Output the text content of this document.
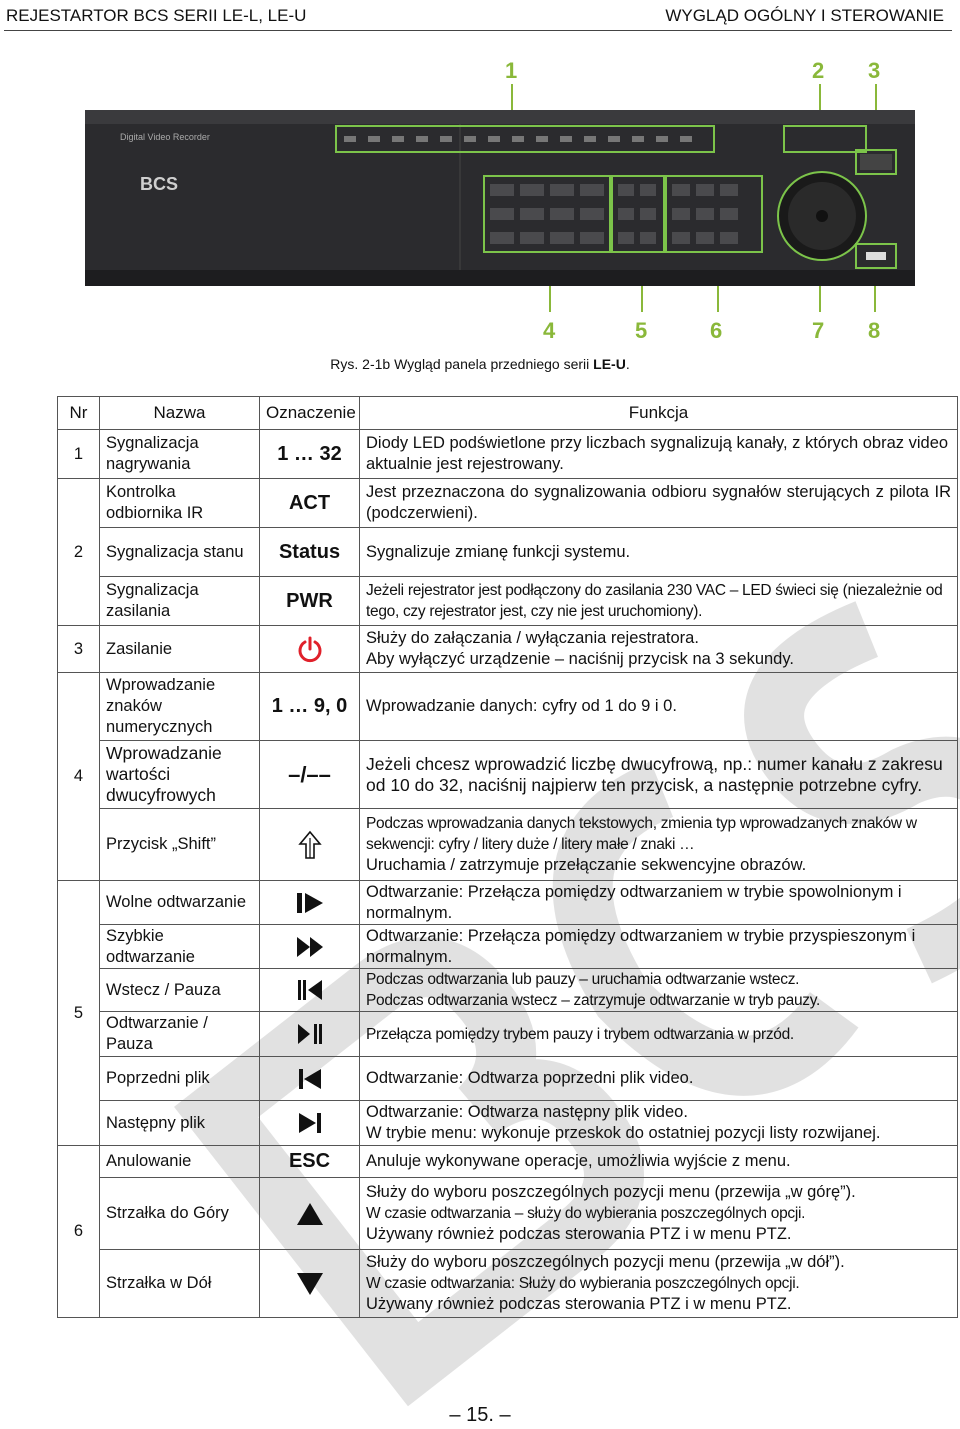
REJESTARTOR BCS SERII LE-L, LE-U	WYGLĄD OGÓLNY I STEROWANIE
1	2 3
4	5	6	7 8
Digital Video Recorder
BCS
Rys. 2-1b Wygląd panela przedniego serii LE-U.
Nr	Nazwa	Oznaczenie	Funkcja
1	Sygnalizacja nagrywania	1 … 32	Diody LED podświetlone przy liczbach sygnalizują kanały, z których obraz video aktualnie jest rejestrowany.
2	Kontrolka odbiornika IR	ACT	Jest przeznaczona do sygnalizowania odbioru sygnałów sterujących z pilota IR (podczerwieni).
	Sygnalizacja stanu	Status	Sygnalizuje zmianę funkcji systemu.
	Sygnalizacja zasilania	PWR	Jeżeli rejestrator jest podłączony do zasilania 230 VAC – LED świeci się (niezależnie od tego, czy rejestrator jest, czy nie jest uruchomiony).
3	Zasilanie		Służy do załączania / wyłączania rejestratora.
Aby wyłączyć urządzenie – naciśnij przycisk na 3 sekundy.

4	Wprowadzanie znaków numerycznych	1 … 9, 0	Wprowadzanie danych: cyfry od 1 do 9 i 0.
	Wprowadzanie wartości dwucyfrowych	–/––	Jeżeli chcesz wprowadzić liczbę dwucyfrową, np.: numer kanału z zakresu od 10 do 32, naciśnij najpierw ten przycisk, a następnie potrzebne cyfry.
	Przycisk „Shift”		Podczas wprowadzania danych tekstowych, zmienia typ wprowadzanych znaków w sekwencji: cyfry / litery duże / litery małe / znaki …
Uruchamia / zatrzymuje przełączanie sekwencyjne obrazów.

5	Wolne odtwarzanie		Odtwarzanie: Przełącza pomiędzy odtwarzaniem w trybie spowolnionym i normalnym.
	Szybkie odtwarzanie		Odtwarzanie: Przełącza pomiędzy odtwarzaniem w trybie przyspieszonym i normalnym.
	Wstecz / Pauza		Podczas odtwarzania lub pauzy – uruchamia odtwarzanie wstecz.
Podczas odtwarzania wstecz – zatrzymuje odtwarzanie w tryb pauzy.

	Odtwarzanie / Pauza		Przełącza pomiędzy trybem pauzy i trybem odtwarzania w przód.
	Poprzedni plik		Odtwarzanie: Odtwarza poprzedni plik video.
	Następny plik		Odtwarzanie: Odtwarza następny plik video.
W trybie menu: wykonuje przeskok do ostatniej pozycji listy rozwijanej.

6	Anulowanie	ESC	Anuluje wykonywane operacje, umożliwia wyjście z menu.
	Strzałka do Góry		Służy do wyboru poszczególnych pozycji menu (przewija „w górę”).
W czasie odtwarzania – służy do wybierania poszczególnych opcji.
Używany również podczas sterowania PTZ i w menu PTZ.

	Strzałka w Dół		Służy do wyboru poszczególnych pozycji menu (przewija „w dół”).
W czasie odtwarzania: Służy do wybierania poszczególnych opcji.
Używany również podczas sterowania PTZ i w menu PTZ.
– 15. –
